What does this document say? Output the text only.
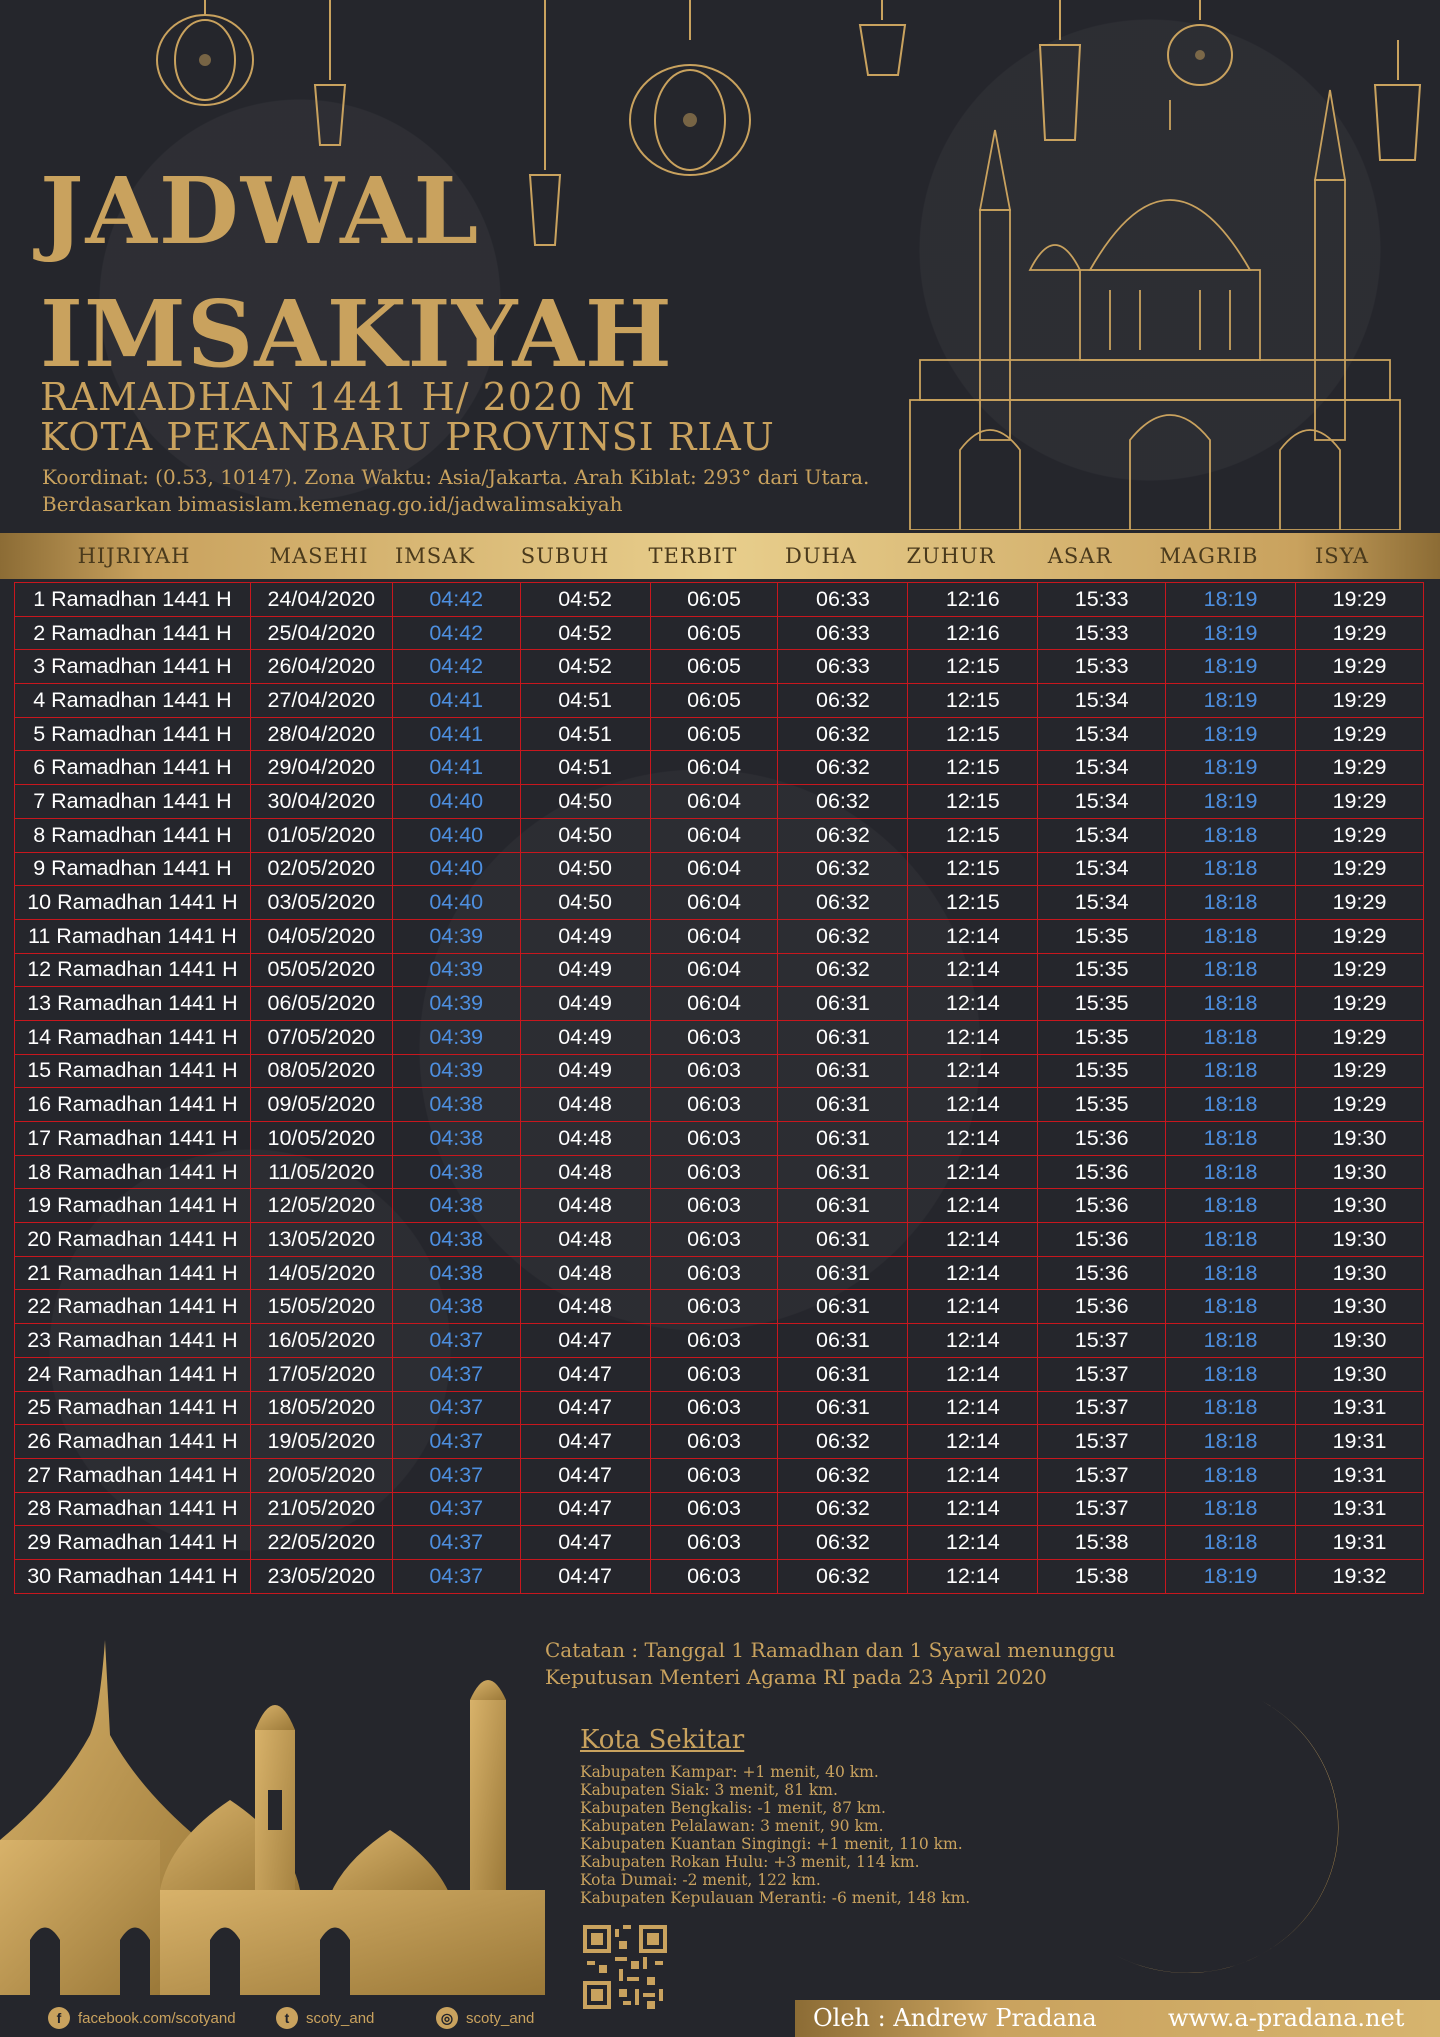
JADWAL
IMSAKIYAH
RAMADHAN 1441 H/ 2020 M
KOTA PEKANBARU PROVINSI RIAU
Koordinat: (0.53, 10147). Zona Waktu: Asia/Jakarta. Arah Kiblat: 293° dari Utara.
Berdasarkan bimasislam.kemenag.go.id/jadwalimsakiyah
HIJRIYAH	MASEHI	IMSAK	SUBUH	TERBIT	DUHA	ZUHUR	ASAR	MAGRIB	ISYA
1 Ramadhan 1441 H	24/04/2020	04:42	04:52	06:05	06:33	12:16	15:33	18:19	19:29
2 Ramadhan 1441 H	25/04/2020	04:42	04:52	06:05	06:33	12:16	15:33	18:19	19:29
3 Ramadhan 1441 H	26/04/2020	04:42	04:52	06:05	06:33	12:15	15:33	18:19	19:29
4 Ramadhan 1441 H	27/04/2020	04:41	04:51	06:05	06:32	12:15	15:34	18:19	19:29
5 Ramadhan 1441 H	28/04/2020	04:41	04:51	06:05	06:32	12:15	15:34	18:19	19:29
6 Ramadhan 1441 H	29/04/2020	04:41	04:51	06:04	06:32	12:15	15:34	18:19	19:29
7 Ramadhan 1441 H	30/04/2020	04:40	04:50	06:04	06:32	12:15	15:34	18:19	19:29
8 Ramadhan 1441 H	01/05/2020	04:40	04:50	06:04	06:32	12:15	15:34	18:18	19:29
9 Ramadhan 1441 H	02/05/2020	04:40	04:50	06:04	06:32	12:15	15:34	18:18	19:29
10 Ramadhan 1441 H	03/05/2020	04:40	04:50	06:04	06:32	12:15	15:34	18:18	19:29
11 Ramadhan 1441 H	04/05/2020	04:39	04:49	06:04	06:32	12:14	15:35	18:18	19:29
12 Ramadhan 1441 H	05/05/2020	04:39	04:49	06:04	06:32	12:14	15:35	18:18	19:29
13 Ramadhan 1441 H	06/05/2020	04:39	04:49	06:04	06:31	12:14	15:35	18:18	19:29
14 Ramadhan 1441 H	07/05/2020	04:39	04:49	06:03	06:31	12:14	15:35	18:18	19:29
15 Ramadhan 1441 H	08/05/2020	04:39	04:49	06:03	06:31	12:14	15:35	18:18	19:29
16 Ramadhan 1441 H	09/05/2020	04:38	04:48	06:03	06:31	12:14	15:35	18:18	19:29
17 Ramadhan 1441 H	10/05/2020	04:38	04:48	06:03	06:31	12:14	15:36	18:18	19:30
18 Ramadhan 1441 H	11/05/2020	04:38	04:48	06:03	06:31	12:14	15:36	18:18	19:30
19 Ramadhan 1441 H	12/05/2020	04:38	04:48	06:03	06:31	12:14	15:36	18:18	19:30
20 Ramadhan 1441 H	13/05/2020	04:38	04:48	06:03	06:31	12:14	15:36	18:18	19:30
21 Ramadhan 1441 H	14/05/2020	04:38	04:48	06:03	06:31	12:14	15:36	18:18	19:30
22 Ramadhan 1441 H	15/05/2020	04:38	04:48	06:03	06:31	12:14	15:36	18:18	19:30
23 Ramadhan 1441 H	16/05/2020	04:37	04:47	06:03	06:31	12:14	15:37	18:18	19:30
24 Ramadhan 1441 H	17/05/2020	04:37	04:47	06:03	06:31	12:14	15:37	18:18	19:30
25 Ramadhan 1441 H	18/05/2020	04:37	04:47	06:03	06:31	12:14	15:37	18:18	19:31
26 Ramadhan 1441 H	19/05/2020	04:37	04:47	06:03	06:32	12:14	15:37	18:18	19:31
27 Ramadhan 1441 H	20/05/2020	04:37	04:47	06:03	06:32	12:14	15:37	18:18	19:31
28 Ramadhan 1441 H	21/05/2020	04:37	04:47	06:03	06:32	12:14	15:37	18:18	19:31
29 Ramadhan 1441 H	22/05/2020	04:37	04:47	06:03	06:32	12:14	15:38	18:18	19:31
30 Ramadhan 1441 H	23/05/2020	04:37	04:47	06:03	06:32	12:14	15:38	18:19	19:32
Catatan : Tanggal 1 Ramadhan dan 1 Syawal menunggu
Keputusan Menteri Agama RI pada 23 April 2020
Kota Sekitar
Kabupaten Kampar: +1 menit, 40 km.
Kabupaten Siak: 3 menit, 81 km.
Kabupaten Bengkalis: -1 menit, 87 km.
Kabupaten Pelalawan: 3 menit, 90 km.
Kabupaten Kuantan Singingi: +1 menit, 110 km.
Kabupaten Rokan Hulu: +3 menit, 114 km.
Kota Dumai: -2 menit, 122 km.
Kabupaten Kepulauan Meranti: -6 menit, 148 km.
f	facebook.com/scotyand	t	scoty_and	◎ scoty_and	Oleh : Andrew Pradana	www.a-pradana.net
